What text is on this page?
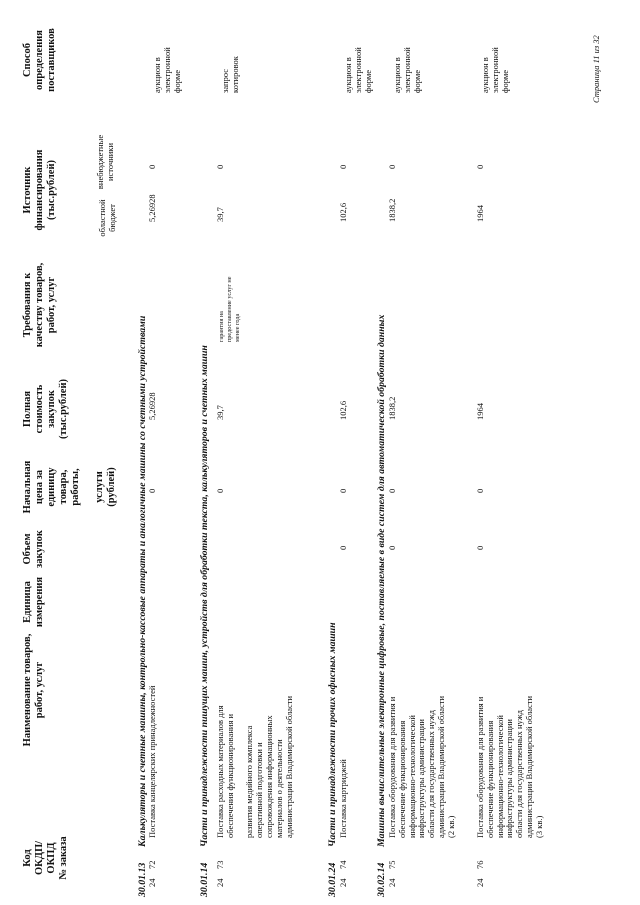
Код ОКДП/ ОКПД № заказа
Наименование товаров, работ, услуг
Единица измерения
Объем закупок
Начальная цена за единицу товара, работы, услуги (рублей)
Полная стоимость закупок (тыс.рублей)
Требования к качеству товаров, работ, услуг
Источник финансирования (тыс.рублей)	областной бюджет
внебюджетные источники
Способ определения поставщиков
30.01.13
Калькуляторы и счетные машины, контрольно-кассовые аппараты и аналогичные машины со счетными устройствами
24
72
Поставка канцелярских принадлежностей
0
5,26928
5,26928
0
аукцион в электронной форме
30.01.14
Части и принадлежности пишущих машин, устройств для обработки текста, калькуляторов и счетных машин
24
73
Поставка расходных материалов для обеспечения функционирования и развития медийного комплекса оперативной подготовки и сопровождения информационных материалов о деятельности администрации Владимирской области
0
39,7
гарантия на предоставление услуг не менее года
39,7
0
запрос котировок
30.01.24
Части и принадлежности прочих офисных машин
24
74
Поставка картриджей
0
0
102,6
102,6
0
аукцион в электронной форме
30.02.14
Машины вычислительные электронные цифровые, поставляемые в виде систем для автоматической обработки данных
24
75
Поставка оборудования для развития и обеспечение функционирования информационно-технологической инфраструктуры администрации области для государственных нужд администрации Владимирской области (2 кв.)
0
0
1838,2
1838,2
0
аукцион в электронной форме
24
76
Поставка оборудования для развития и обеспечение функционирования информационно-технологической инфраструктуры администрации области для государственных нужд администрации Владимирской области (3 кв.)
0
0
1964
1964
0
аукцион в электронной форме	Страница 11 из 32
